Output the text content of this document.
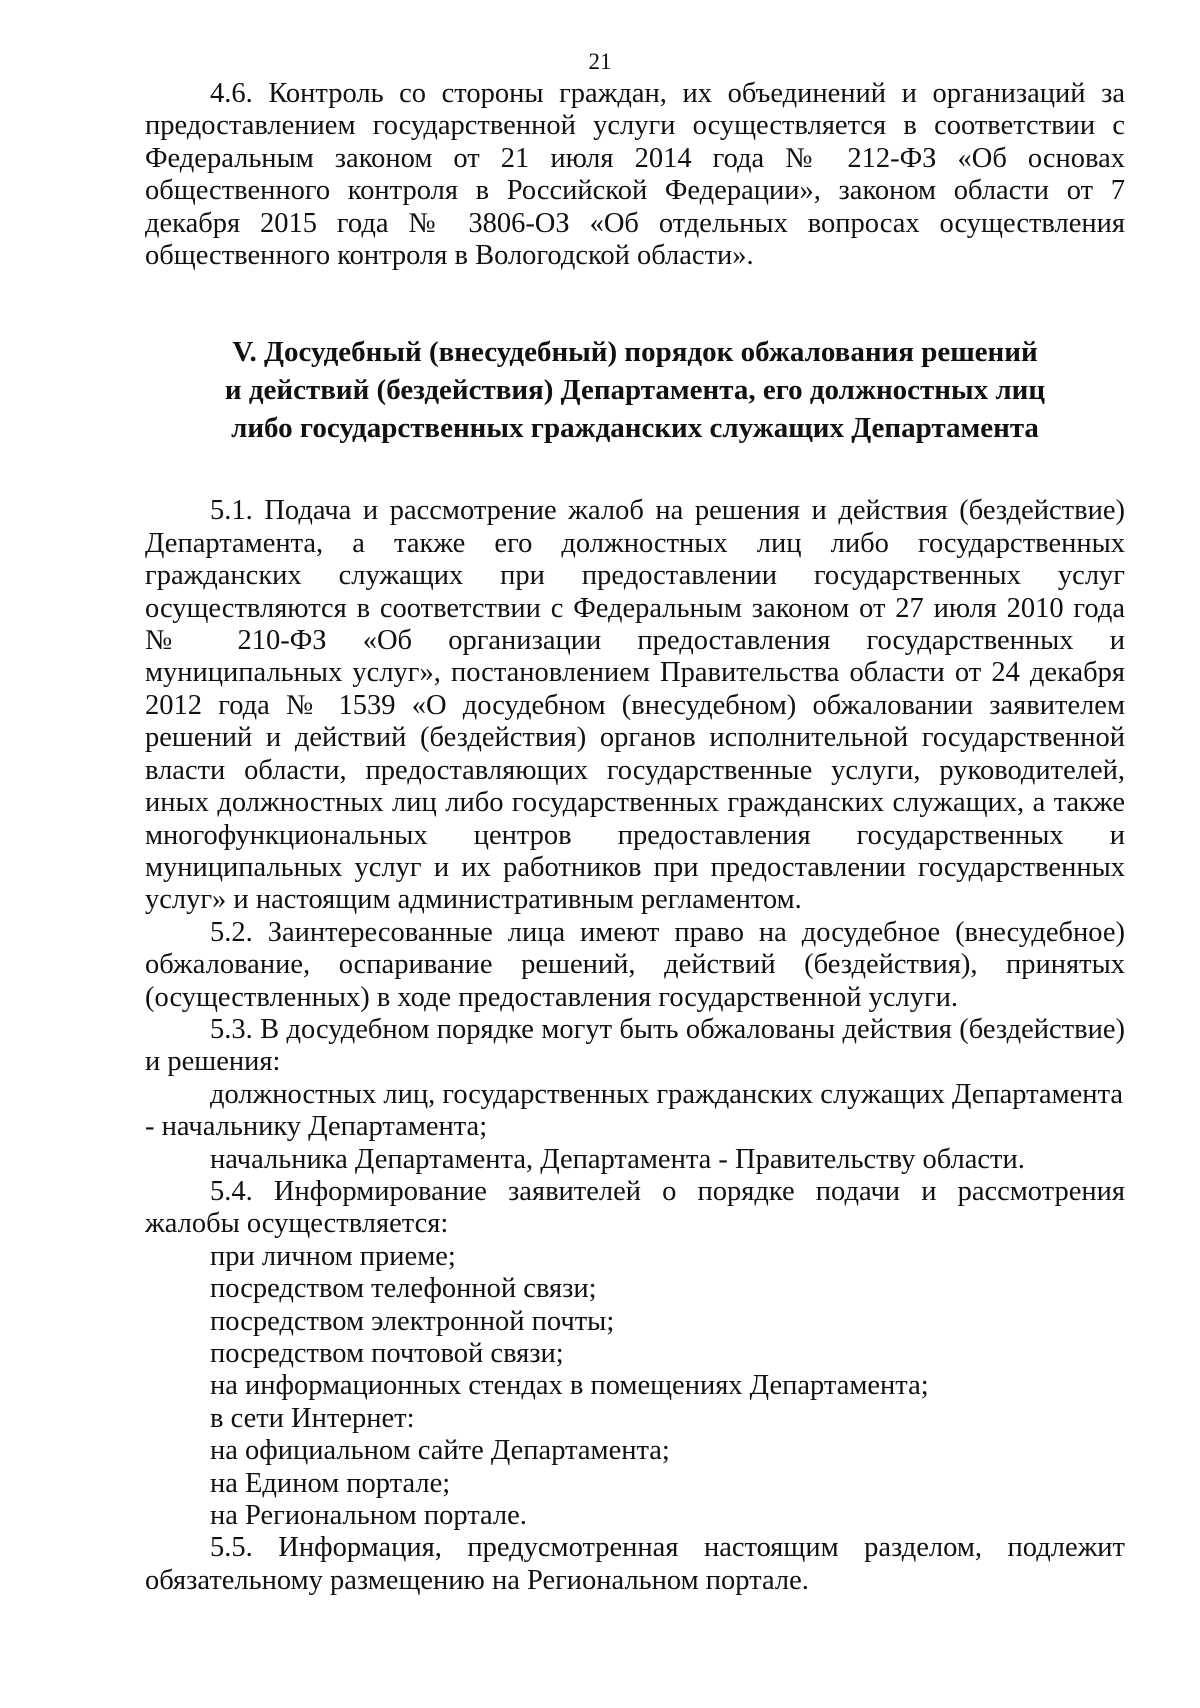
21

4.6. Контроль со стороны граждан, их объединений и организаций за предоставлением государственной услуги осуществляется в соответствии с Федеральным законом от 21 июля 2014 года № 212-ФЗ «Об основах общественного контроля в Российской Федерации», законом области от 7 декабря 2015 года № 3806-ОЗ «Об отдельных вопросах осуществления общественного контроля в Вологодской области».

V. Досудебный (внесудебный) порядок обжалования решений
и действий (бездействия) Департамента, его должностных лиц
либо государственных гражданских служащих Департамента

5.1. Подача и рассмотрение жалоб на решения и действия (бездействие) Департамента, а также его должностных лиц либо государственных гражданских служащих при предоставлении государственных услуг осуществляются в соответствии с Федеральным законом от 27 июля 2010 года № 210-ФЗ «Об организации предоставления государственных и муниципальных услуг», постановлением Правительства области от 24 декабря 2012 года № 1539 «О досудебном (внесудебном) обжаловании заявителем решений и действий (бездействия) органов исполнительной государственной власти области, предоставляющих государственные услуги, руководителей, иных должностных лиц либо государственных гражданских служащих, а также многофункциональных центров предоставления государственных и муниципальных услуг и их работников при предоставлении государственных услуг» и настоящим административным регламентом.

5.2. Заинтересованные лица имеют право на досудебное (внесудебное) обжалование, оспаривание решений, действий (бездействия), принятых (осуществленных) в ходе предоставления государственной услуги.

5.3. В досудебном порядке могут быть обжалованы действия (бездействие) и решения:

должностных лиц, государственных гражданских служащих Департамента

- начальнику Департамента;

начальника Департамента, Департамента - Правительству области.

5.4. Информирование заявителей о порядке подачи и рассмотрения жалобы осуществляется:

при личном приеме;

посредством телефонной связи;

посредством электронной почты;

посредством почтовой связи;

на информационных стендах в помещениях Департамента;

в сети Интернет:

на официальном сайте Департамента;

на Едином портале;

на Региональном портале.

5.5. Информация, предусмотренная настоящим разделом, подлежит обязательному размещению на Региональном портале.
